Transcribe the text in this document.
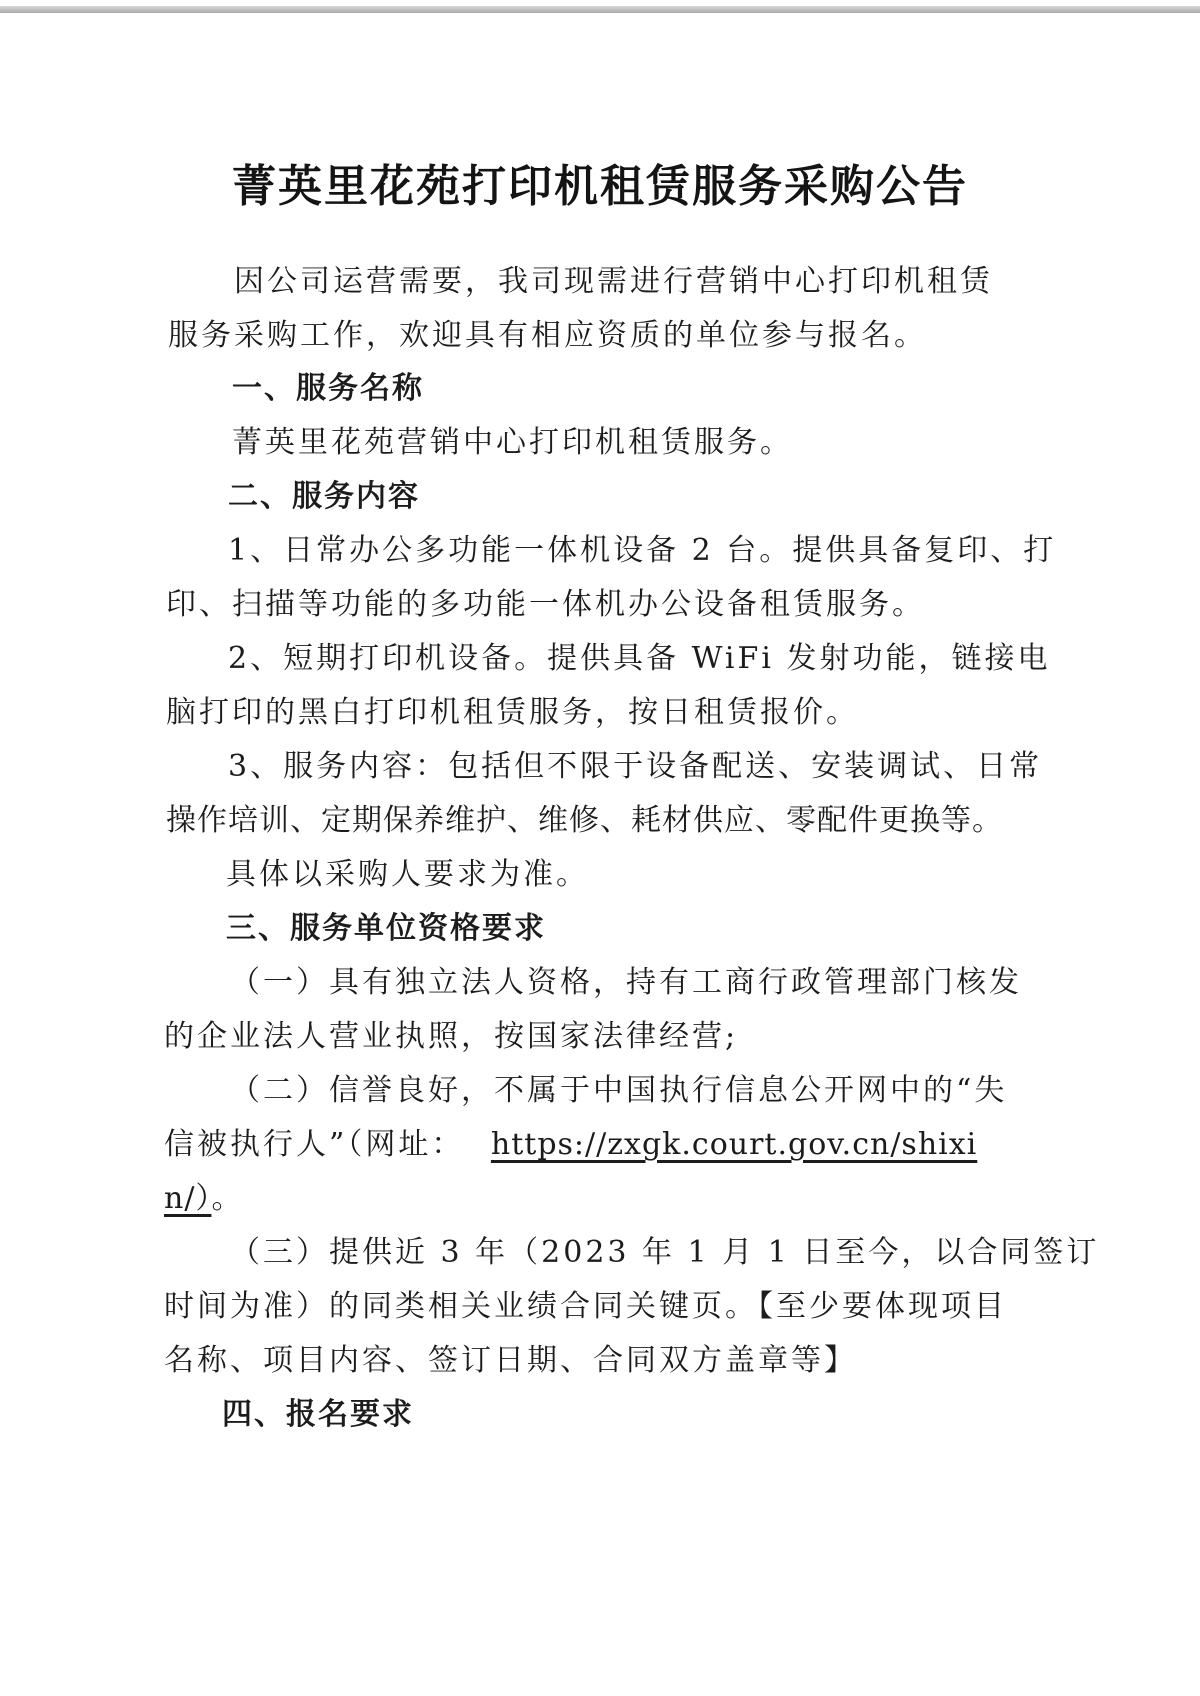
菁英里花苑打印机租赁服务采购公告
因公司运营需要，我司现需进行营销中心打印机租赁
服务采购工作，欢迎具有相应资质的单位参与报名。
一、服务名称
菁英里花苑营销中心打印机租赁服务。
二、服务内容
1、日常办公多功能一体机设备 2 台。提供具备复印、打
印、扫描等功能的多功能一体机办公设备租赁服务。
2、短期打印机设备。提供具备 WiFi 发射功能，链接电
脑打印的黑白打印机租赁服务，按日租赁报价。
3、服务内容：包括但不限于设备配送、安装调试、日常
操作培训、定期保养维护、维修、耗材供应、零配件更换等。
具体以采购人要求为准。
三、服务单位资格要求
（一）具有独立法人资格，持有工商行政管理部门核发
的企业法人营业执照，按国家法律经营;
（二）信誉良好，不属于中国执行信息公开网中的“失
信被执行人”（网址： https://zxgk.court.gov.cn/shixi
n/）。
（三）提供近 3 年（2023 年 1 月 1 日至今，以合同签订
时间为准）的同类相关业绩合同关键页。【至少要体现项目
名称、项目内容、签订日期、合同双方盖章等】
四、报名要求
